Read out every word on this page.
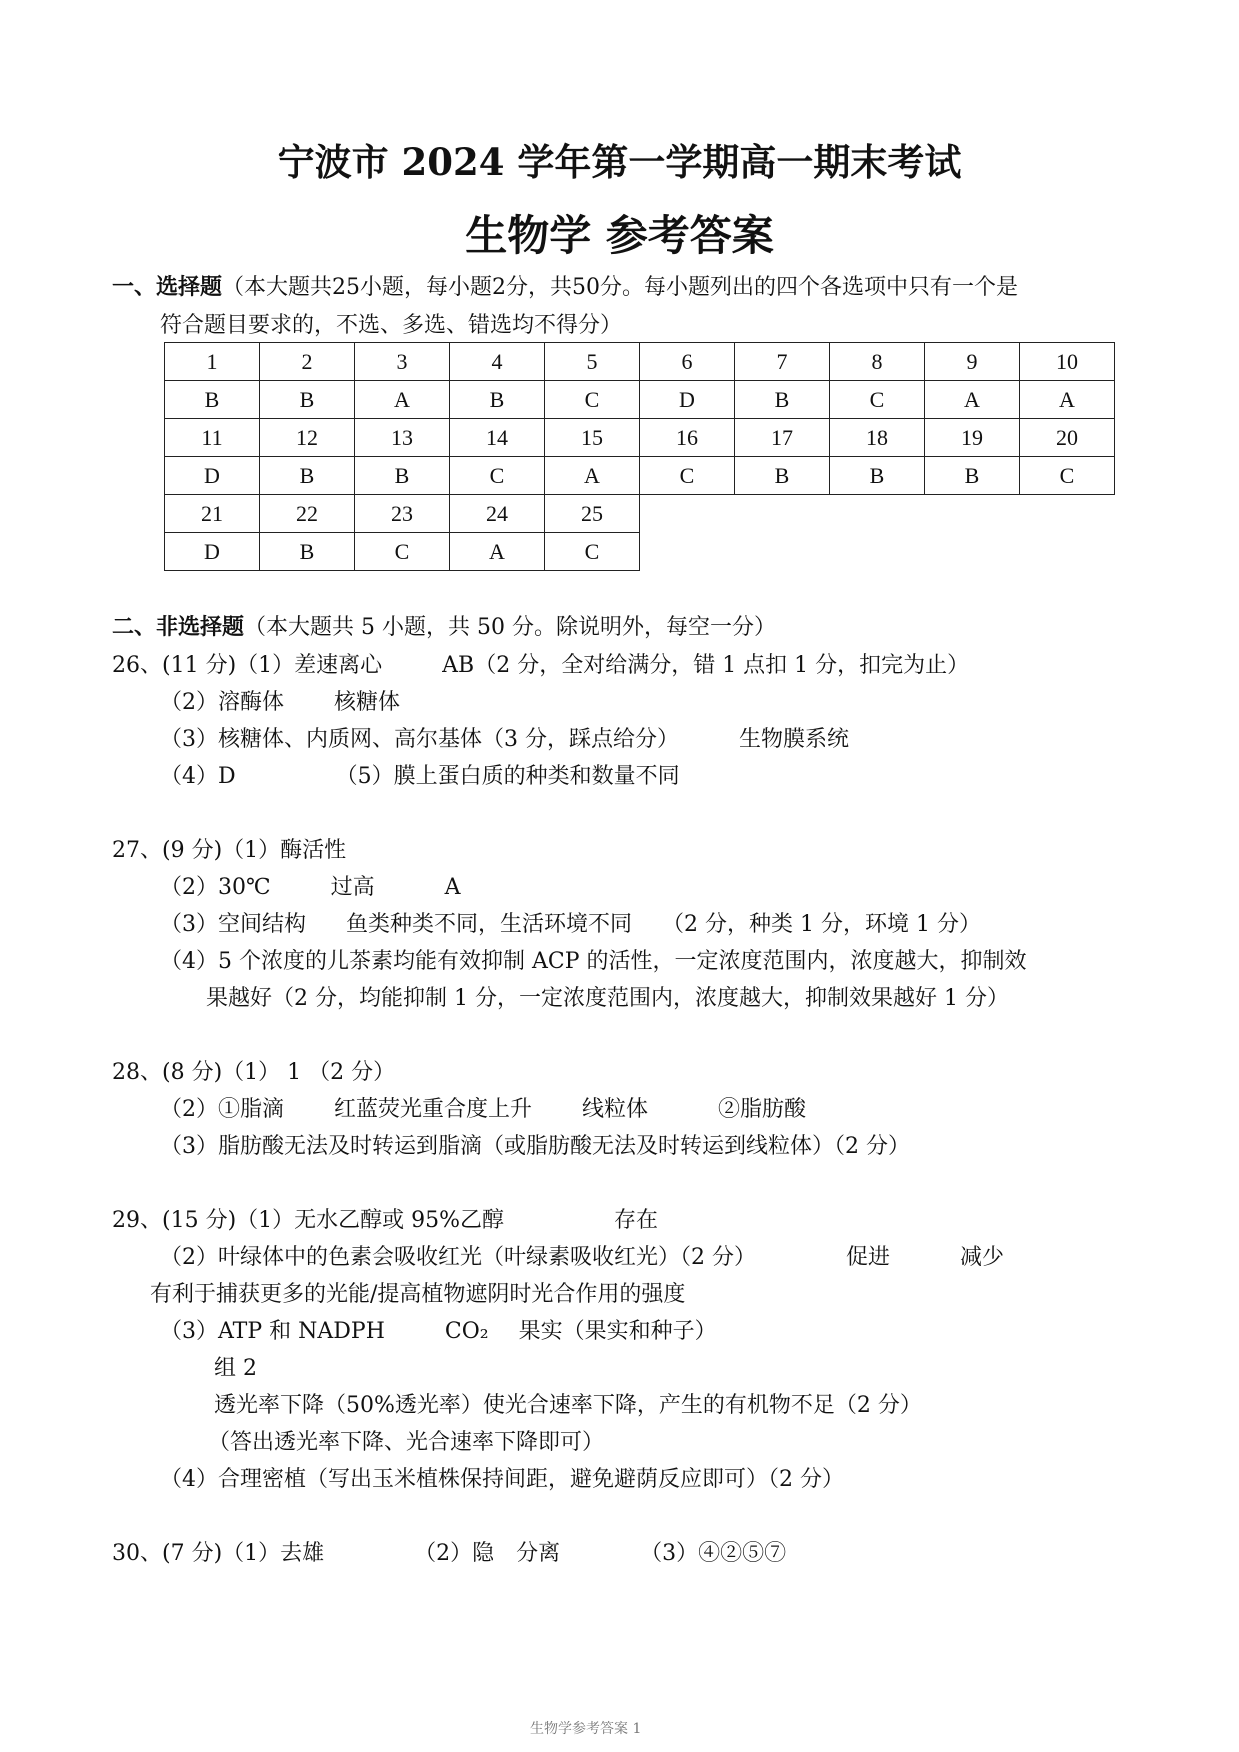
宁波市 2024 学年第一学期高一期末考试
生物学 参考答案
一、选择题（本大题共25小题，每小题2分，共50分。每小题列出的四个各选项中只有一个是
符合题目要求的，不选、多选、错选均不得分）
1	2	3	4	5	6	7	8	9	10
B	B	A	B	C	D	B	C	A	A
11	12	13	14	15	16	17	18	19	20
D	B	B	C	A	C	B	B	B	C
21	22	23	24	25					
D	B	C	A	C					
二、非选择题（本大题共 5 小题，共 50 分。除说明外，每空一分）
26、(11 分)（1）差速离心	AB（2 分，全对给满分，错 1 点扣 1 分，扣完为止）
（2）溶酶体 核糖体
（3）核糖体、内质网、高尔基体（3 分，踩点给分）	生物膜系统
（4）D	（5）膜上蛋白质的种类和数量不同
27、(9 分)（1）酶活性
（2）30℃	过高	A
（3）空间结构 鱼类种类不同，生活环境不同 （2 分，种类 1 分，环境 1 分）
（4）5 个浓度的儿茶素均能有效抑制 ACP 的活性，一定浓度范围内，浓度越大，抑制效
果越好（2 分，均能抑制 1 分，一定浓度范围内，浓度越大，抑制效果越好 1 分）
28、(8 分)（1） 1 （2 分）
（2）①脂滴 红蓝荧光重合度上升 线粒体	②脂肪酸
（3）脂肪酸无法及时转运到脂滴（或脂肪酸无法及时转运到线粒体）（2 分）
29、(15 分)（1）无水乙醇或 95%乙醇	存在
（2）叶绿体中的色素会吸收红光（叶绿素吸收红光）（2 分）	促进	减少
有利于捕获更多的光能/提高植物遮阴时光合作用的强度
（3）ATP 和 NADPH	CO₂ 果实（果实和种子）
组 2
透光率下降（50%透光率）使光合速率下降，产生的有机物不足（2 分）
（答出透光率下降、光合速率下降即可）
（4）合理密植（写出玉米植株保持间距，避免避荫反应即可）（2 分）
30、(7 分)（1）去雄	（2）隐　分离	（3）④②⑤⑦
生物学参考答案 1
